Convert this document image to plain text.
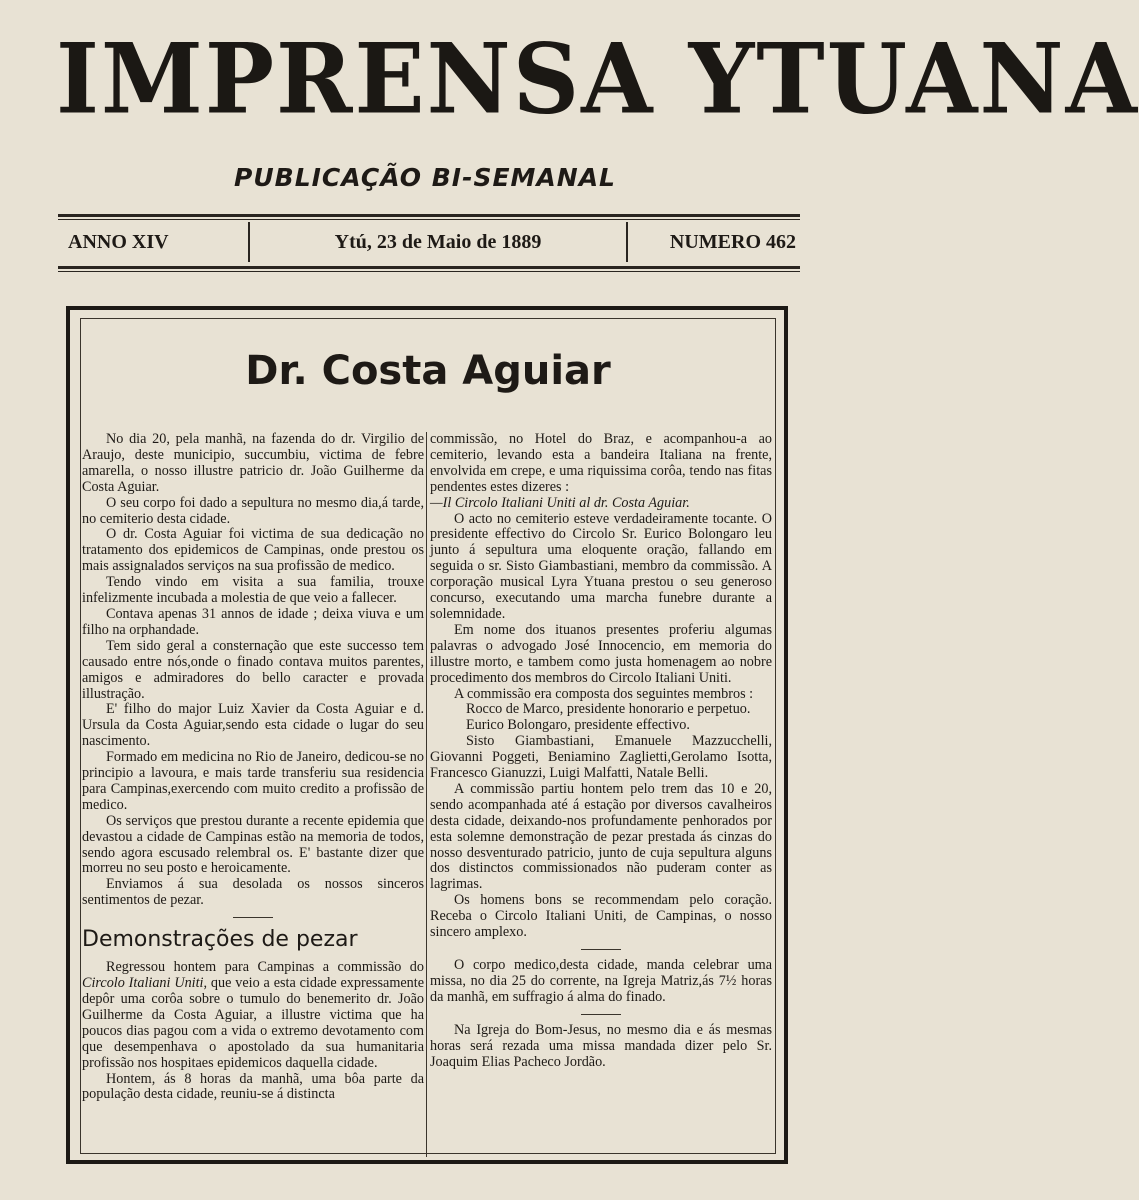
IMPRENSA YTUANA
PUBLICAÇÃO BI-SEMANAL
ANNO XIV	Ytú, 23 de Maio de 1889	NUMERO 462
Dr. Costa Aguiar

No dia 20, pela manhã, na fazenda do dr. Virgilio de Araujo, deste municipio, succumbiu, victima de febre amarella, o nosso illustre patricio dr. João Guilherme da Costa Aguiar.

O seu corpo foi dado a sepultura no mesmo dia,á tarde, no cemiterio desta cidade.

O dr. Costa Aguiar foi victima de sua dedicação no tratamento dos epidemicos de Campinas, onde prestou os mais assignalados serviços na sua profissão de medico.

Tendo vindo em visita a sua familia, trouxe infelizmente incubada a molestia de que veio a fallecer.

Contava apenas 31 annos de idade ; deixa viuva e um filho na orphandade.

Tem sido geral a consternação que este successo tem causado entre nós,onde o finado contava muitos parentes, amigos e admiradores do bello caracter e provada illustração.

E' filho do major Luiz Xavier da Costa Aguiar e d. Ursula da Costa Aguiar,sendo esta cidade o lugar do seu nascimento.

Formado em medicina no Rio de Janeiro, dedicou-se no principio a lavoura, e mais tarde transferiu sua residencia para Campinas,exercendo com muito credito a profissão de medico.

Os serviços que prestou durante a recente epidemia que devastou a cidade de Campinas estão na memoria de todos, sendo agora escusado relembral os. E' bastante dizer que morreu no seu posto e heroicamente.

Enviamos á sua desolada os nossos sinceros sentimentos de pezar.

Demonstrações de pezar

Regressou hontem para Campinas a commissão do Circolo Italiani Uniti, que veio a esta cidade expressamente depôr uma corôa sobre o tumulo do benemerito dr. João Guilherme da Costa Aguiar, a illustre victima que ha poucos dias pagou com a vida o extremo devotamento com que desempenhava o apostolado da sua humanitaria profissão nos hospitaes epidemicos daquella cidade.

Hontem, ás 8 horas da manhã, uma bôa parte da população desta cidade, reuniu-se á distincta

commissão, no Hotel do Braz, e acompanhou-a ao cemiterio, levando esta a bandeira Italiana na frente, envolvida em crepe, e uma riquissima corôa, tendo nas fitas pendentes estes dizeres :

—Il Circolo Italiani Uniti al dr. Costa Aguiar.

O acto no cemiterio esteve verdadeiramente tocante. O presidente effectivo do Circolo Sr. Eurico Bolongaro leu junto á sepultura uma eloquente oração, fallando em seguida o sr. Sisto Giambastiani, membro da commissão. A corporação musical Lyra Ytuana prestou o seu generoso concurso, executando uma marcha funebre durante a solemnidade.

Em nome dos ituanos presentes proferiu algumas palavras o advogado José Innocencio, em memoria do illustre morto, e tambem como justa homenagem ao nobre procedimento dos membros do Circolo Italiani Uniti.

A commissão era composta dos seguintes membros :

Rocco de Marco, presidente honorario e perpetuo.

Eurico Bolongaro, presidente effectivo.

Sisto Giambastiani, Emanuele Mazzucchelli, Giovanni Poggeti, Beniamino Zaglietti,Gerolamo Isotta, Francesco Gianuzzi, Luigi Malfatti, Natale Belli.

A commissão partiu hontem pelo trem das 10 e 20, sendo acompanhada até á estação por diversos cavalheiros desta cidade, deixando-nos profundamente penhorados por esta solemne demonstração de pezar prestada ás cinzas do nosso desventurado patricio, junto de cuja sepultura alguns dos distinctos commissionados não puderam conter as lagrimas.

Os homens bons se recommendam pelo coração. Receba o Circolo Italiani Uniti, de Campinas, o nosso sincero amplexo.

O corpo medico,desta cidade, manda celebrar uma missa, no dia 25 do corrente, na Igreja Matriz,ás 7½ horas da manhã, em suffragio á alma do finado.

Na Igreja do Bom-Jesus, no mesmo dia e ás mesmas horas será rezada uma missa mandada dizer pelo Sr. Joaquim Elias Pacheco Jordão.
